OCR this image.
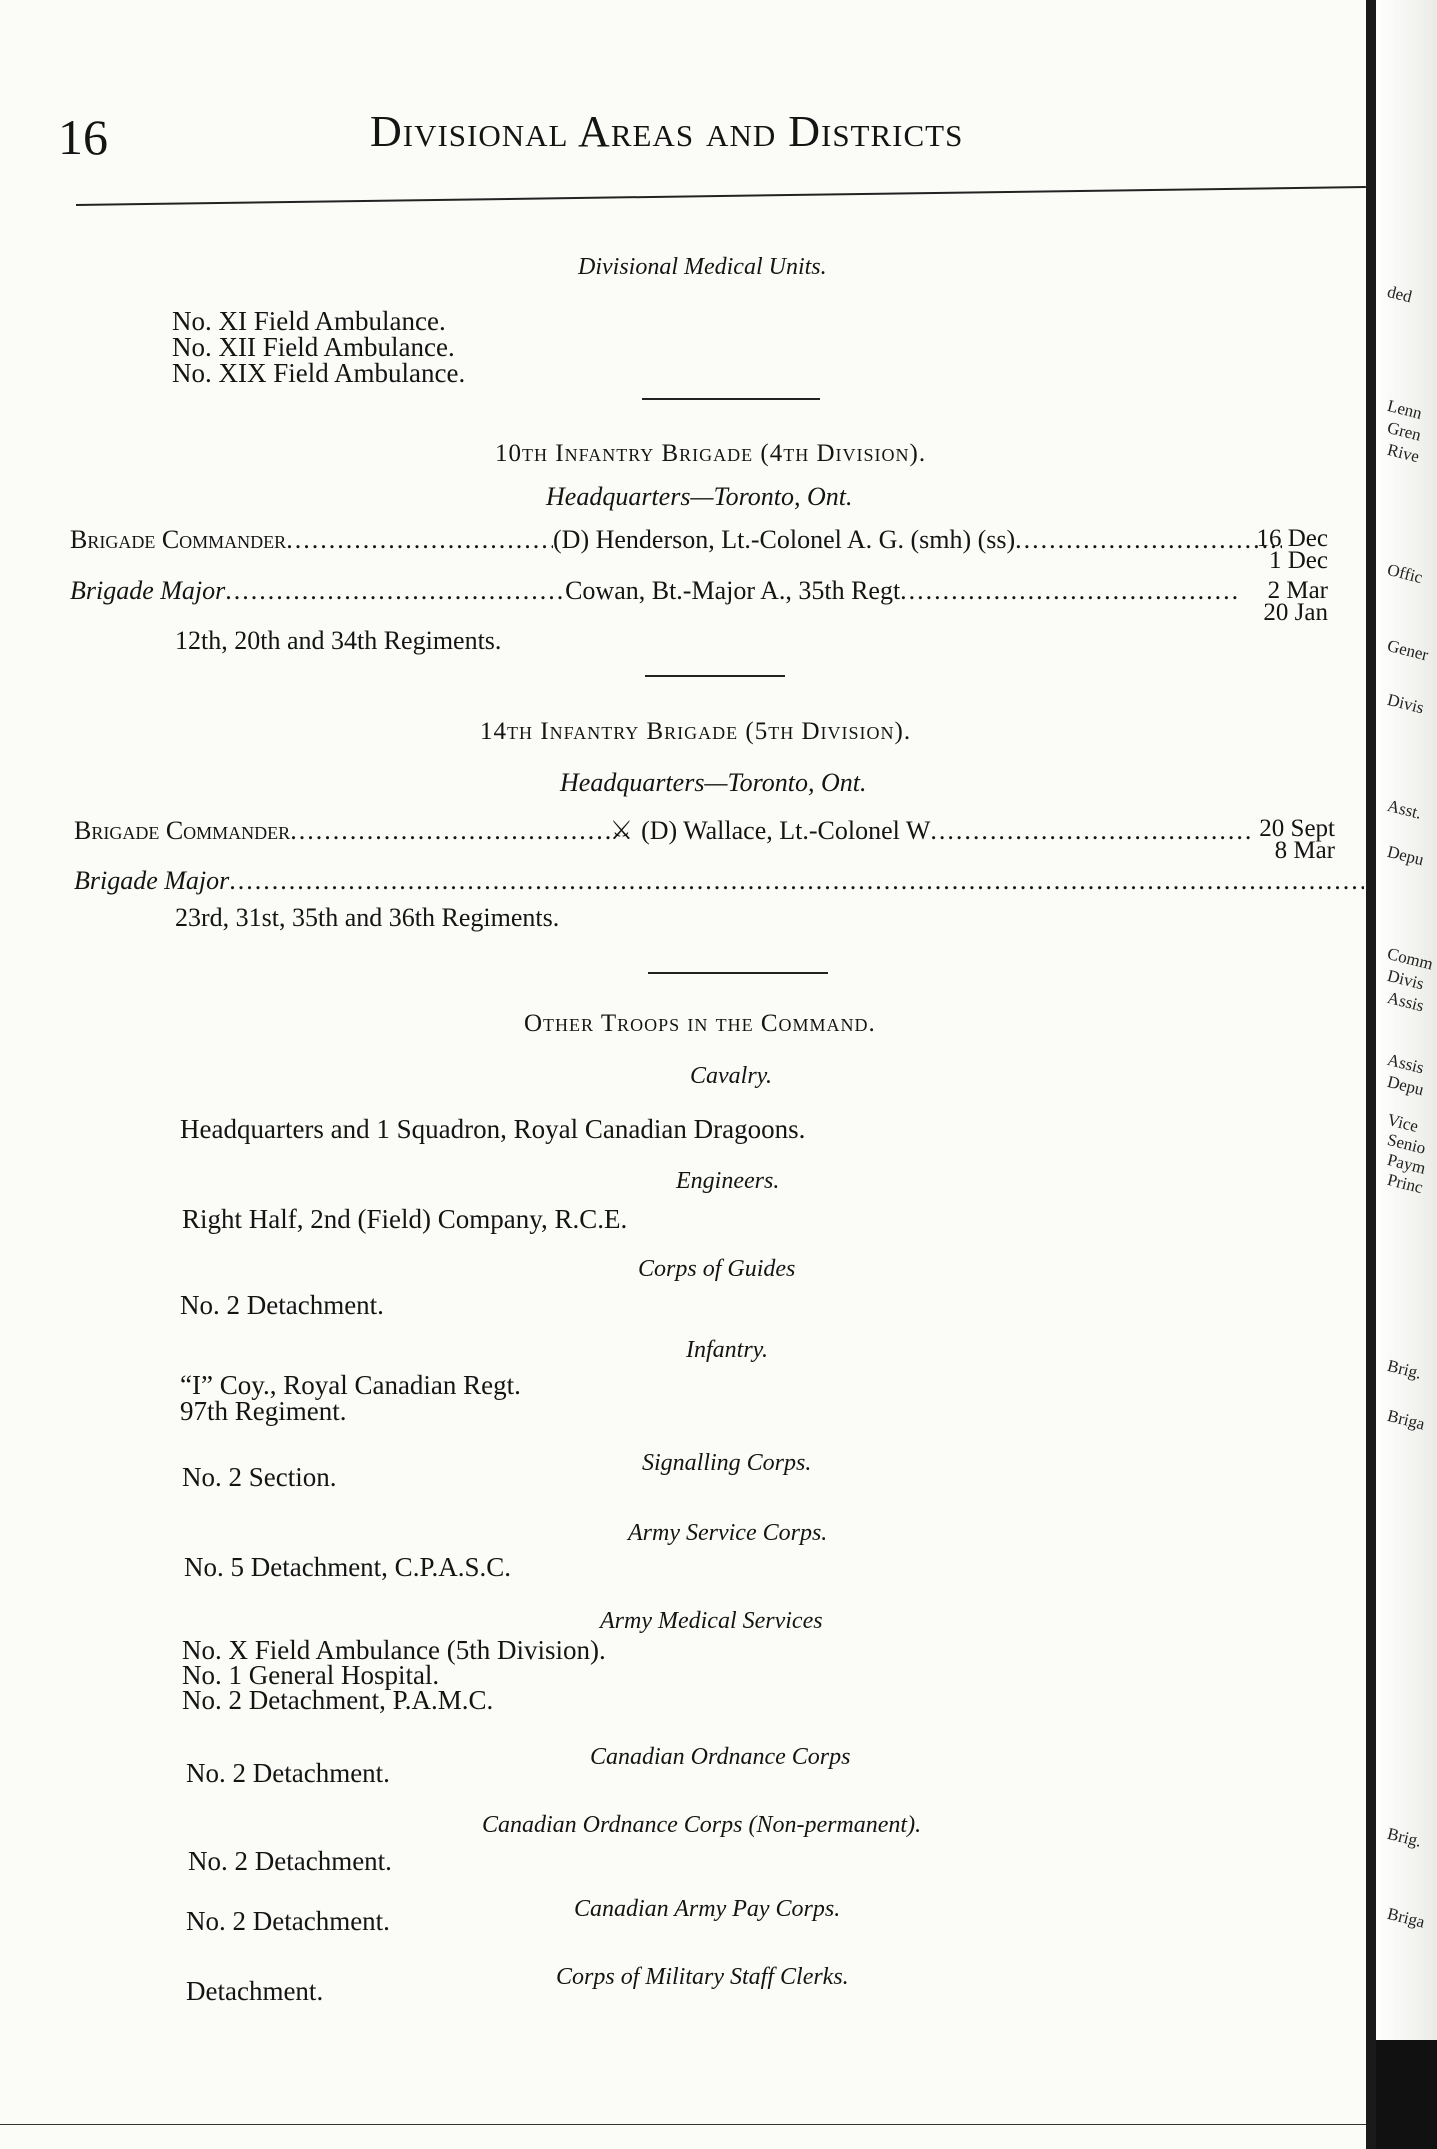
16	Divisional Areas and Districts
Divisional Medical Units.
No. XI Field Ambulance.
No. XII Field Ambulance.
No. XIX Field Ambulance.
10th Infantry Brigade (4th Division).
Headquarters—Toronto, Ont.
Brigade Commander .....	(D) Henderson, Lt.-Colonel A. G. (smh) (ss) .....	16 Dec
1 Dec
Brigade Major .....	Cowan, Bt.-Major A., 35th Regt .....	2 Mar
20 Jan
12th, 20th and 34th Regiments.
14th Infantry Brigade (5th Division).
Headquarters—Toronto, Ont.
Brigade Commander .....	⚔ (D) Wallace, Lt.-Colonel W .....	20 Sept
8 Mar
Brigade Major
.....
23rd, 31st, 35th and 36th Regiments.
Other Troops in the Command.
Cavalry.
Headquarters and 1 Squadron, Royal Canadian Dragoons.
Engineers.
Right Half, 2nd (Field) Company, R.C.E.
Corps of Guides
No. 2 Detachment.
Infantry.
“I” Coy., Royal Canadian Regt.
97th Regiment.
Signalling Corps.
No. 2 Section.
Army Service Corps.
No. 5 Detachment, C.P.A.S.C.
Army Medical Services
No. X Field Ambulance (5th Division).
No. 1 General Hospital.
No. 2 Detachment, P.A.M.C.
Canadian Ordnance Corps
No. 2 Detachment.
Canadian Ordnance Corps (Non-permanent).
No. 2 Detachment.
Canadian Army Pay Corps.
No. 2 Detachment.
Corps of Military Staff Clerks.
Detachment.
ded
Lenn
Gren
Rive
Offic
Gener
Divis
Asst.
Depu
Comm
Divis
Assis
Assis
Depu
Vice
Senio
Paym
Princ
Brig.
Briga
Brig.
Briga
